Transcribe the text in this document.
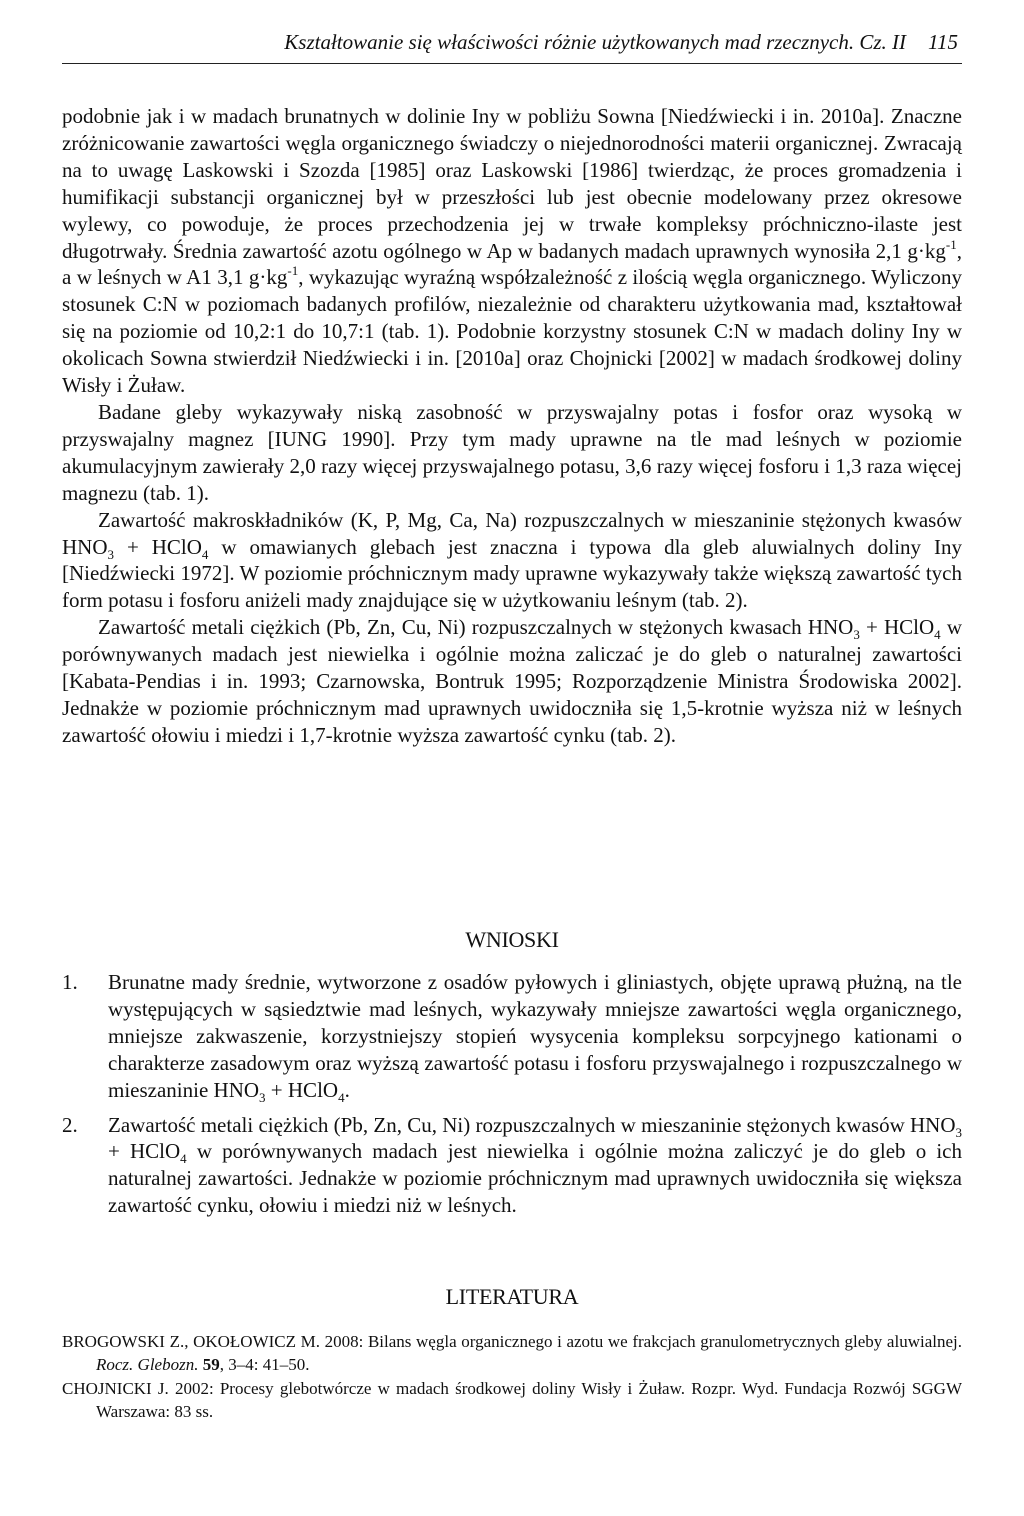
Kształtowanie się właściwości różnie użytkowanych mad rzecznych. Cz. II 115

podobnie jak i w madach brunatnych w dolinie Iny w pobliżu Sowna [Niedźwiecki i in. 2010a]. Znaczne zróżnicowanie zawartości węgla organicznego świadczy o niejednorodności materii organicznej. Zwracają na to uwagę Laskowski i Szozda [1985] oraz Laskowski [1986] twierdząc, że proces gromadzenia i humifikacji substancji organicznej był w przeszłości lub jest obecnie modelowany przez okresowe wylewy, co powoduje, że proces przechodzenia jej w trwałe kompleksy próchniczno-ilaste jest długotrwały. Średnia zawartość azotu ogólnego w Ap w badanych madach uprawnych wynosiła 2,1 $g\cdot kg^{-1}$, a w leśnych w A1 3,1 $g\cdot kg^{-1}$, wykazując wyraźną współzależność z ilością węgla organicznego. Wyliczony stosunek C:N w poziomach badanych profilów, niezależnie od charakteru użytkowania mad, kształtował się na poziomie od 10,2:1 do 10,7:1 (tab. 1). Podobnie korzystny stosunek C:N w madach doliny Iny w okolicach Sowna stwierdził Niedźwiecki i in. [2010a] oraz Chojnicki [2002] w madach środkowej doliny Wisły i Żuław.

Badane gleby wykazywały niską zasobność w przyswajalny potas i fosfor oraz wysoką w przyswajalny magnez [IUNG 1990]. Przy tym mady uprawne na tle mad leśnych w poziomie akumulacyjnym zawierały 2,0 razy więcej przyswajalnego potasu, 3,6 razy więcej fosforu i 1,3 raza więcej magnezu (tab. 1).

Zawartość makroskładników (K, P, Mg, Ca, Na) rozpuszczalnych w mieszaninie stężonych kwasów $HNO_3$ + HClO$_4$ w omawianych glebach jest znaczna i typowa dla gleb aluwialnych doliny Iny [Niedźwiecki 1972]. W poziomie próchnicznym mady uprawne wykazywały także większą zawartość tych form potasu i fosforu aniżeli mady znajdujące się w użytkowaniu leśnym (tab. 2).

Zawartość metali ciężkich (Pb, Zn, Cu, Ni) rozpuszczalnych w stężonych kwasach $HNO_3$ + HClO$_4$ w porównywanych madach jest niewielka i ogólnie można zaliczać je do gleb o naturalnej zawartości [Kabata-Pendias i in. 1993; Czarnowska, Bontruk 1995; Rozporządzenie Ministra Środowiska 2002]. Jednakże w poziomie próchnicznym mad uprawnych uwidoczniła się 1,5-krotnie wyższa niż w leśnych zawartość ołowiu i miedzi i 1,7-krotnie wyższa zawartość cynku (tab. 2).

WNIOSKI
1. Brunatne mady średnie, wytworzone z osadów pyłowych i gliniastych, objęte uprawą płużną, na tle występujących w sąsiedztwie mad leśnych, wykazywały mniejsze zawartości węgla organicznego, mniejsze zakwaszenie, korzystniejszy stopień wysycenia kompleksu sorpcyjnego kationami o charakterze zasadowym oraz wyższą zawartość potasu i fosforu przyswajalnego i rozpuszczalnego w mieszaninie $HNO_3$ + HClO$_4$.
2. Zawartość metali ciężkich (Pb, Zn, Cu, Ni) rozpuszczalnych w mieszaninie stężonych kwasów $HNO_3$ + HClO$_4$ w porównywanych madach jest niewielka i ogólnie można zaliczyć je do gleb o ich naturalnej zawartości. Jednakże w poziomie próchnicznym mad uprawnych uwidoczniła się większa zawartość cynku, ołowiu i miedzi niż w leśnych.
LITERATURA
BROGOWSKI Z., OKOŁOWICZ M. 2008: Bilans węgla organicznego i azotu we frakcjach granulometrycznych gleby aluwialnej. Rocz. Glebozn. 59, 3–4: 41–50.
CHOJNICKI J. 2002: Procesy glebotwórcze w madach środkowej doliny Wisły i Żuław. Rozpr. Wyd. Fundacja Rozwój SGGW Warszawa: 83 ss.
